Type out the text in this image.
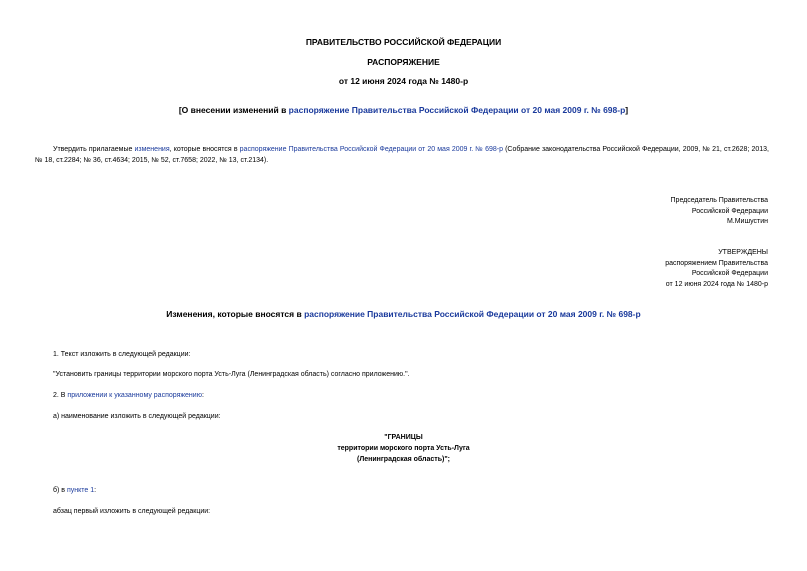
ПРАВИТЕЛЬСТВО РОССИЙСКОЙ ФЕДЕРАЦИИ
РАСПОРЯЖЕНИЕ
от 12 июня 2024 года № 1480-р
[О внесении изменений в распоряжение Правительства Российской Федерации от 20 мая 2009 г. № 698-р]
Утвердить прилагаемые изменения, которые вносятся в распоряжение Правительства Российской Федерации от 20 мая 2009 г. № 698-р (Собрание законодательства Российской Федерации, 2009, № 21, ст.2628; 2013, № 18, ст.2284; № 36, ст.4634; 2015, № 52, ст.7658; 2022, № 13, ст.2134).
Председатель Правительства
Российской Федерации
М.Мишустин
УТВЕРЖДЕНЫ
распоряжением Правительства
Российской Федерации
от 12 июня 2024 года № 1480-р
Изменения, которые вносятся в распоряжение Правительства Российской Федерации от 20 мая 2009 г. № 698-р
1. Текст изложить в следующей редакции:
"Установить границы территории морского порта Усть-Луга (Ленинградская область) согласно приложению.".
2. В приложении к указанному распоряжению:
а) наименование изложить в следующей редакции:
"ГРАНИЦЫ
территории морского порта Усть-Луга
(Ленинградская область)";
б) в пункте 1:
абзац первый изложить в следующей редакции:
